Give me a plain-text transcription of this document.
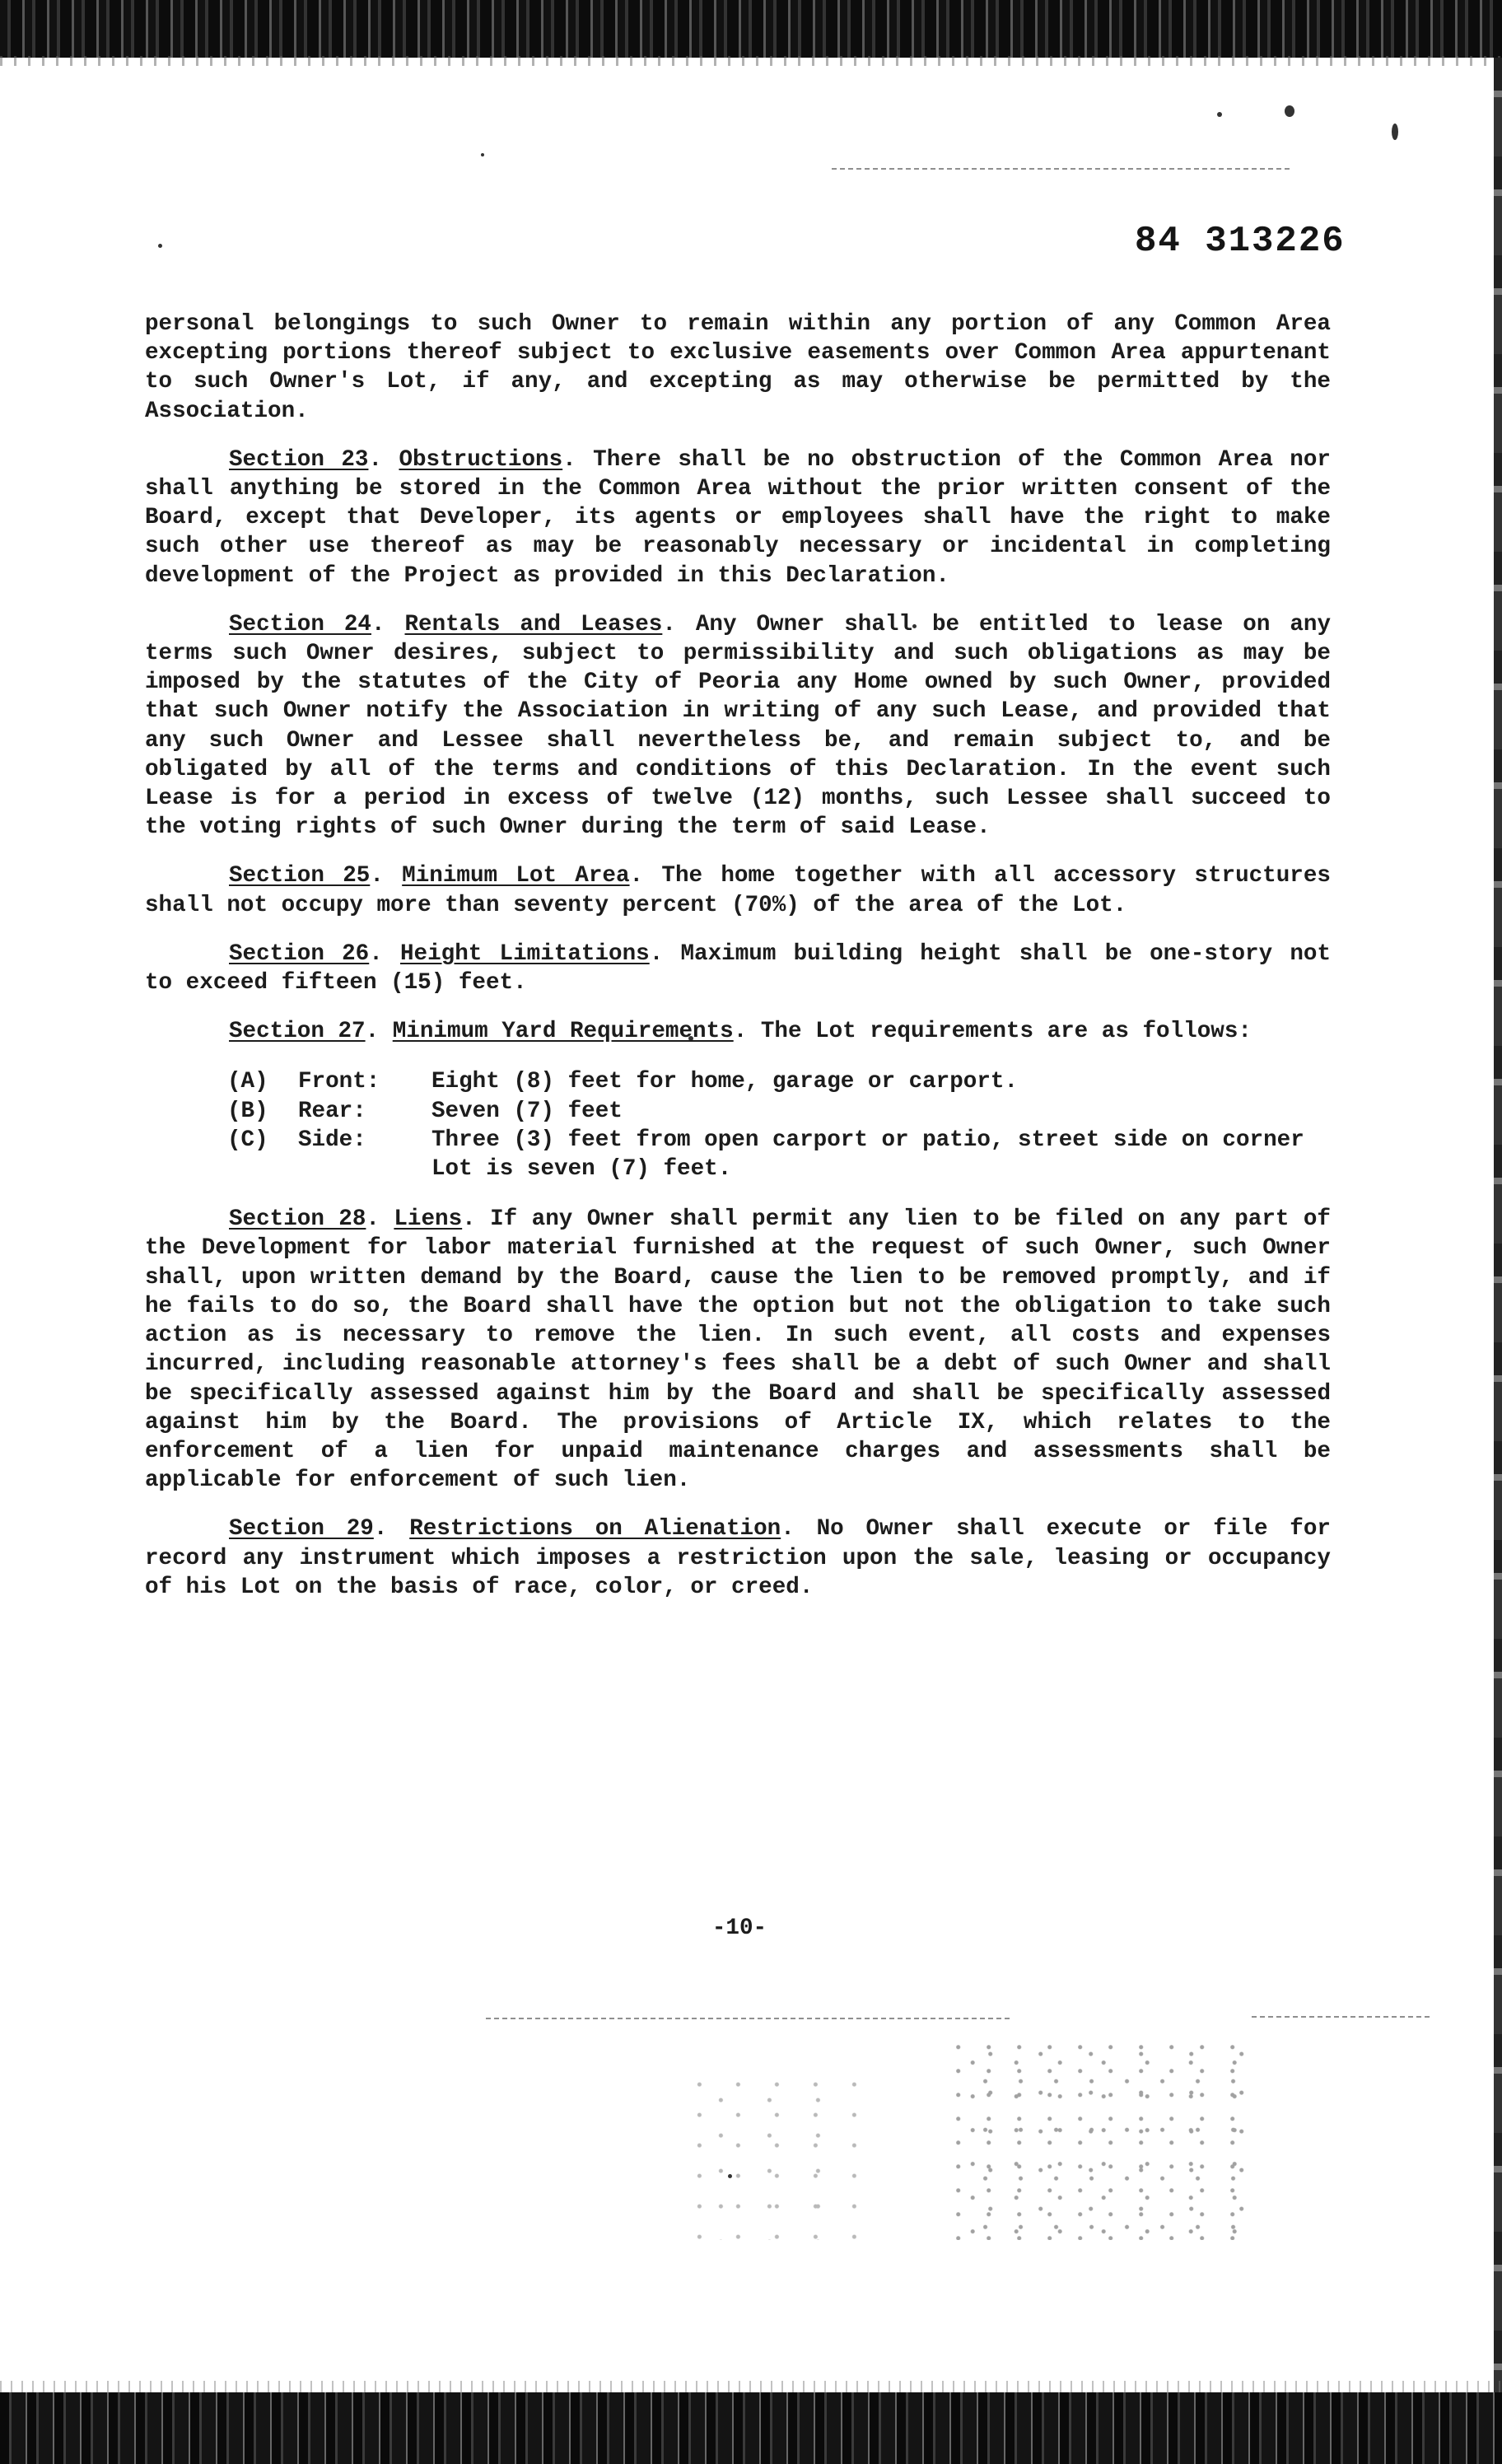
84 313226

personal belongings to such Owner to remain within any portion of any Common Area excepting portions thereof subject to exclusive easements over Common Area appurtenant to such Owner's Lot, if any, and excepting as may otherwise be permitted by the Association.

Section 23. Obstructions. There shall be no obstruction of the Common Area nor shall anything be stored in the Common Area without the prior written consent of the Board, except that Developer, its agents or employees shall have the right to make such other use thereof as may be reasonably necessary or incidental in completing development of the Project as provided in this Declaration.

Section 24. Rentals and Leases. Any Owner shall be entitled to lease on any terms such Owner desires, subject to permissibility and such obligations as may be imposed by the statutes of the City of Peoria any Home owned by such Owner, provided that such Owner notify the Association in writing of any such Lease, and provided that any such Owner and Lessee shall nevertheless be, and remain subject to, and be obligated by all of the terms and conditions of this Declaration. In the event such Lease is for a period in excess of twelve (12) months, such Lessee shall succeed to the voting rights of such Owner during the term of said Lease.

Section 25. Minimum Lot Area. The home together with all accessory structures shall not occupy more than seventy percent (70%) of the area of the Lot.

Section 26. Height Limitations. Maximum building height shall be one-story not to exceed fifteen (15) feet.

Section 27. Minimum Yard Requirements. The Lot requirements are as follows:

(A)	Front:	Eight (8) feet for home, garage or carport.
(B)	Rear:	Seven (7) feet
(C)	Side:	Three (3) feet from open carport or patio, street side on corner Lot is seven (7) feet.

Section 28. Liens. If any Owner shall permit any lien to be filed on any part of the Development for labor material furnished at the request of such Owner, such Owner shall, upon written demand by the Board, cause the lien to be removed promptly, and if he fails to do so, the Board shall have the option but not the obligation to take such action as is necessary to remove the lien. In such event, all costs and expenses incurred, including reasonable attorney's fees shall be a debt of such Owner and shall be specifically assessed against him by the Board and shall be specifically assessed against him by the Board. The provisions of Article IX, which relates to the enforcement of a lien for unpaid maintenance charges and assessments shall be applicable for enforcement of such lien.

Section 29. Restrictions on Alienation. No Owner shall execute or file for record any instrument which imposes a restriction upon the sale, leasing or occupancy of his Lot on the basis of race, color, or creed.

-10-
